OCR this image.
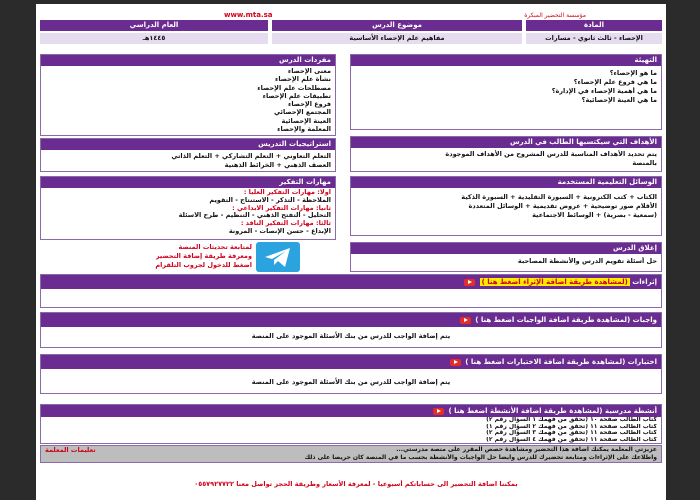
مؤسسة التحضير المبكرة
www.mta.sa
المادة
موضوع الدرس
العام الدراسي
الإحصاء - ثالث ثانوي - مسارات
مفاهيم علم الإحصاء الأساسية
١٤٤٥هـ
التهيئة
ما هو الإحصاء؟
ما هي فروع علم الإحصاء؟
ما هي أهمية الإحصاء في الإدارة؟
ما هي العينة الإحصائية؟
مفردات الدرس
معنى الإحصاء
نشأة علم الإحصاء
مصطلحات علم الإحصاء
تطبيقات علم الإحصاء
فروع الإحصاء
المجتمع الإحصائي
العينة الإحصائية
المعلمة والإحصاء
الأهداف التي سيكتسبها الطالب في الدرس
يتم تحديد الأهداف المناسبة للدرس المشروح من الأهداف الموجودة
بالمنصة
استراتيجيات التدريس
التعلم التعاوني + التعلم التشاركي + التعلم الذاتي
العصف الذهني + الخرائط الذهنية
الوسائل التعليمية المستخدمة
الكتاب + كتب الكترونية + السبورة التقليدية + السبورة الذكية
الأقلام صور توضيحية + عروض تقديمية + الوسائل المتعددة
(سمعية - بصرية) + الوسائط الاجتماعية
مهارات التفكير
أولاً: مهارات التفكير العليا :
الملاحظة - التذكر - الاستنتاج - التقويم
ثانياً: مهارات التفكير الابداعي :
التحليل - التفتح الذهني - التنظيم - طرح الأسئلة
ثالثاً: مهارات التفكير الناقد :
الإبداع - حسن الإنصات - المرونة
لمتابعة تحديثات المنصة
ومعرفة طريقة إضافة التحضير
اضغط للدخول لجروب التلقرام
إغلاق الدرس
حل أسئلة تقويم الدرس والأنشطة المصاحبة
إثراءات (لمشاهدة طريقة اضافة الإثراء اضغط هنا )
واجبات (لمشاهدة طريقة اضافة الواجبات اضغط هنا )
يتم إضافة الواجب للدرس من بنك الأسئلة الموجود على المنصة
اختبارات (لمشاهدة طريقة اضافة الاختبارات اضغط هنا )
يتم إضافة الواجب للدرس من بنك الأسئلة الموجود على المنصة
أنشطة مدرسية (لمشاهدة طريقة اضافة الأنشطة اضغط هنا )
كتاب الطالب صفحة ١٠ (تحقق من فهمك ١ السؤال رقم ٢)
كتاب الطالب صفحة ١١ (تحقق من فهمك ٢ السؤال رقم ١)
كتاب الطالب صفحة ١١ (تحقق من فهمك ٣ السؤال رقم ٢)
كتاب الطالب صفحة ١١ (تحقق من فهمك ٤ السؤال رقم ٢)
تعليمات المعلمة	عزيزتي المعلمة يمكنك اضافة هذا التحضير ومشاهدة حصص المقرر على منصة مدرستي...
واطلاعك على الإثراءات ومتابعة تحضيرك للدرس وايضاً حل الواجبات والأنشطة بحسب ما في المنصة كان حريصاً على ذلك
بمكننا اضافة التحضير الى حساباتكم أسبوعيا - لمعرفة الأسعار وطريقة الحجز تواصل معنا ٠٥٥٧٩٢٧٧٢٢
